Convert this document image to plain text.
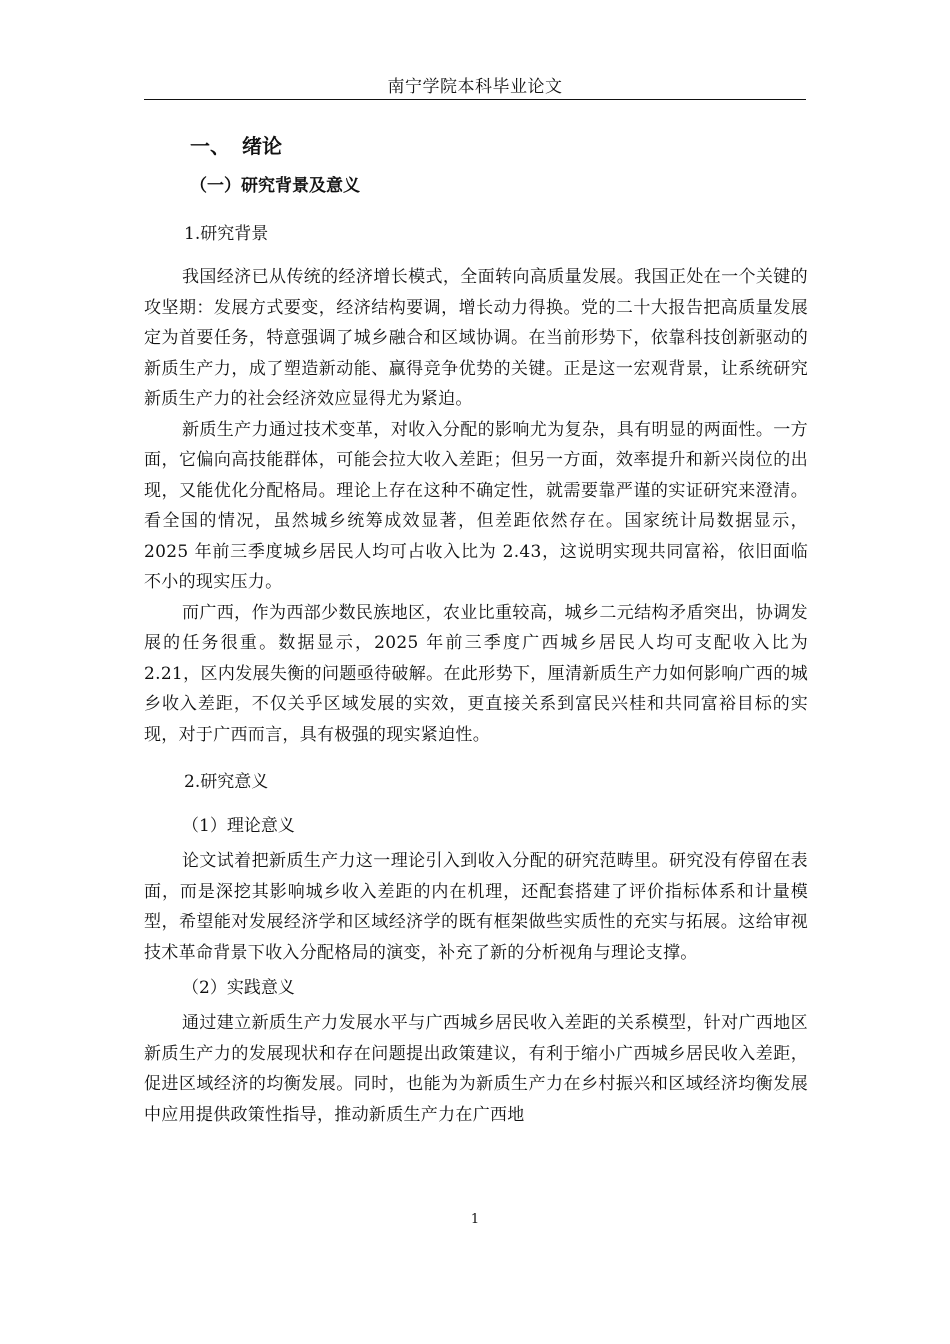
南宁学院本科毕业论文
一、 绪论
（一）研究背景及意义
1.研究背景

我国经济已从传统的经济增长模式，全面转向高质量发展。我国正处在一个关键的攻坚期：发展方式要变，经济结构要调，增长动力得换。党的二十大报告把高质量发展定为首要任务，特意强调了城乡融合和区域协调。在当前形势下，依靠科技创新驱动的新质生产力，成了塑造新动能、赢得竞争优势的关键。正是这一宏观背景，让系统研究新质生产力的社会经济效应显得尤为紧迫。

新质生产力通过技术变革，对收入分配的影响尤为复杂，具有明显的两面性。一方面，它偏向高技能群体，可能会拉大收入差距；但另一方面，效率提升和新兴岗位的出现，又能优化分配格局。理论上存在这种不确定性，就需要靠严谨的实证研究来澄清。看全国的情况，虽然城乡统筹成效显著，但差距依然存在。国家统计局数据显示，2025 年前三季度城乡居民人均可占收入比为 2.43，这说明实现共同富裕，依旧面临不小的现实压力。

而广西，作为西部少数民族地区，农业比重较高，城乡二元结构矛盾突出，协调发展的任务很重。数据显示，2025 年前三季度广西城乡居民人均可支配收入比为 2.21，区内发展失衡的问题亟待破解。在此形势下，厘清新质生产力如何影响广西的城乡收入差距，不仅关乎区域发展的实效，更直接关系到富民兴桂和共同富裕目标的实现，对于广西而言，具有极强的现实紧迫性。

2.研究意义
（1）理论意义

论文试着把新质生产力这一理论引入到收入分配的研究范畴里。研究没有停留在表面，而是深挖其影响城乡收入差距的内在机理，还配套搭建了评价指标体系和计量模型，希望能对发展经济学和区域经济学的既有框架做些实质性的充实与拓展。这给审视技术革命背景下收入分配格局的演变，补充了新的分析视角与理论支撑。

（2）实践意义

通过建立新质生产力发展水平与广西城乡居民收入差距的关系模型，针对广西地区新质生产力的发展现状和存在问题提出政策建议，有利于缩小广西城乡居民收入差距，促进区域经济的均衡发展。同时，也能为为新质生产力在乡村振兴和区域经济均衡发展中应用提供政策性指导，推动新质生产力在广西地

1
